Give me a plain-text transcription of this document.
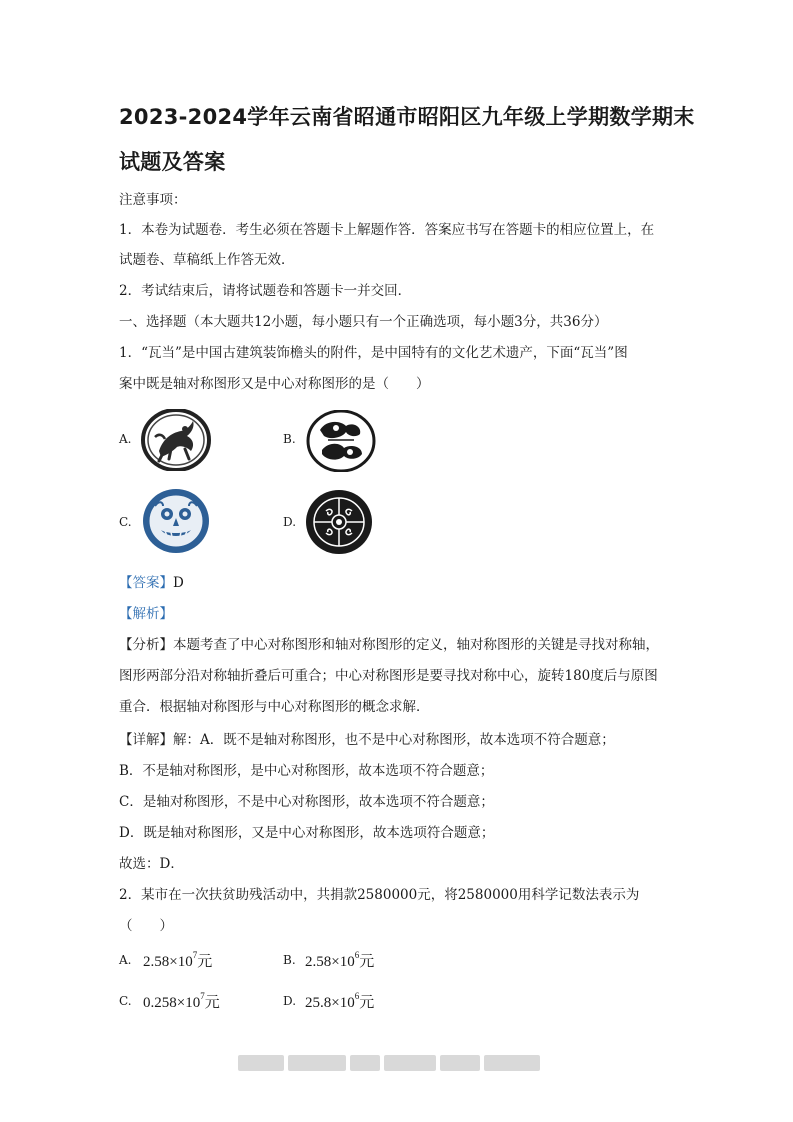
2023-2024学年云南省昭通市昭阳区九年级上学期数学期末
试题及答案
注意事项：
1．本卷为试题卷．考生必须在答题卡上解题作答．答案应书写在答题卡的相应位置上，在
试题卷、草稿纸上作答无效．
2．考试结束后，请将试题卷和答题卡一并交回．
一、选择题（本大题共12小题，每小题只有一个正确选项，每小题3分，共36分）
1．“瓦当”是中国古建筑装饰檐头的附件，是中国特有的文化艺术遗产，下面“瓦当”图
案中既是轴对称图形又是中心对称图形的是（　　）
A.	B.
C.	D.
【答案】D
【解析】
【分析】本题考查了中心对称图形和轴对称图形的定义，轴对称图形的关键是寻找对称轴，
图形两部分沿对称轴折叠后可重合；中心对称图形是要寻找对称中心，旋转180度后与原图
重合．根据轴对称图形与中心对称图形的概念求解．
【详解】解：A．既不是轴对称图形，也不是中心对称图形，故本选项不符合题意；
B．不是轴对称图形，是中心对称图形，故本选项不符合题意；
C．是轴对称图形，不是中心对称图形，故本选项不符合题意；
D．既是轴对称图形，又是中心对称图形，故本选项符合题意；
故选：D．
2．某市在一次扶贫助残活动中，共捐款2580000元，将2580000用科学记数法表示为
（　　）
A. $2.58\times 10^7$元	B. $2.58\times 10^6$元
C. $0.258\times 10^7$元	D. $25.8\times 10^6$元
